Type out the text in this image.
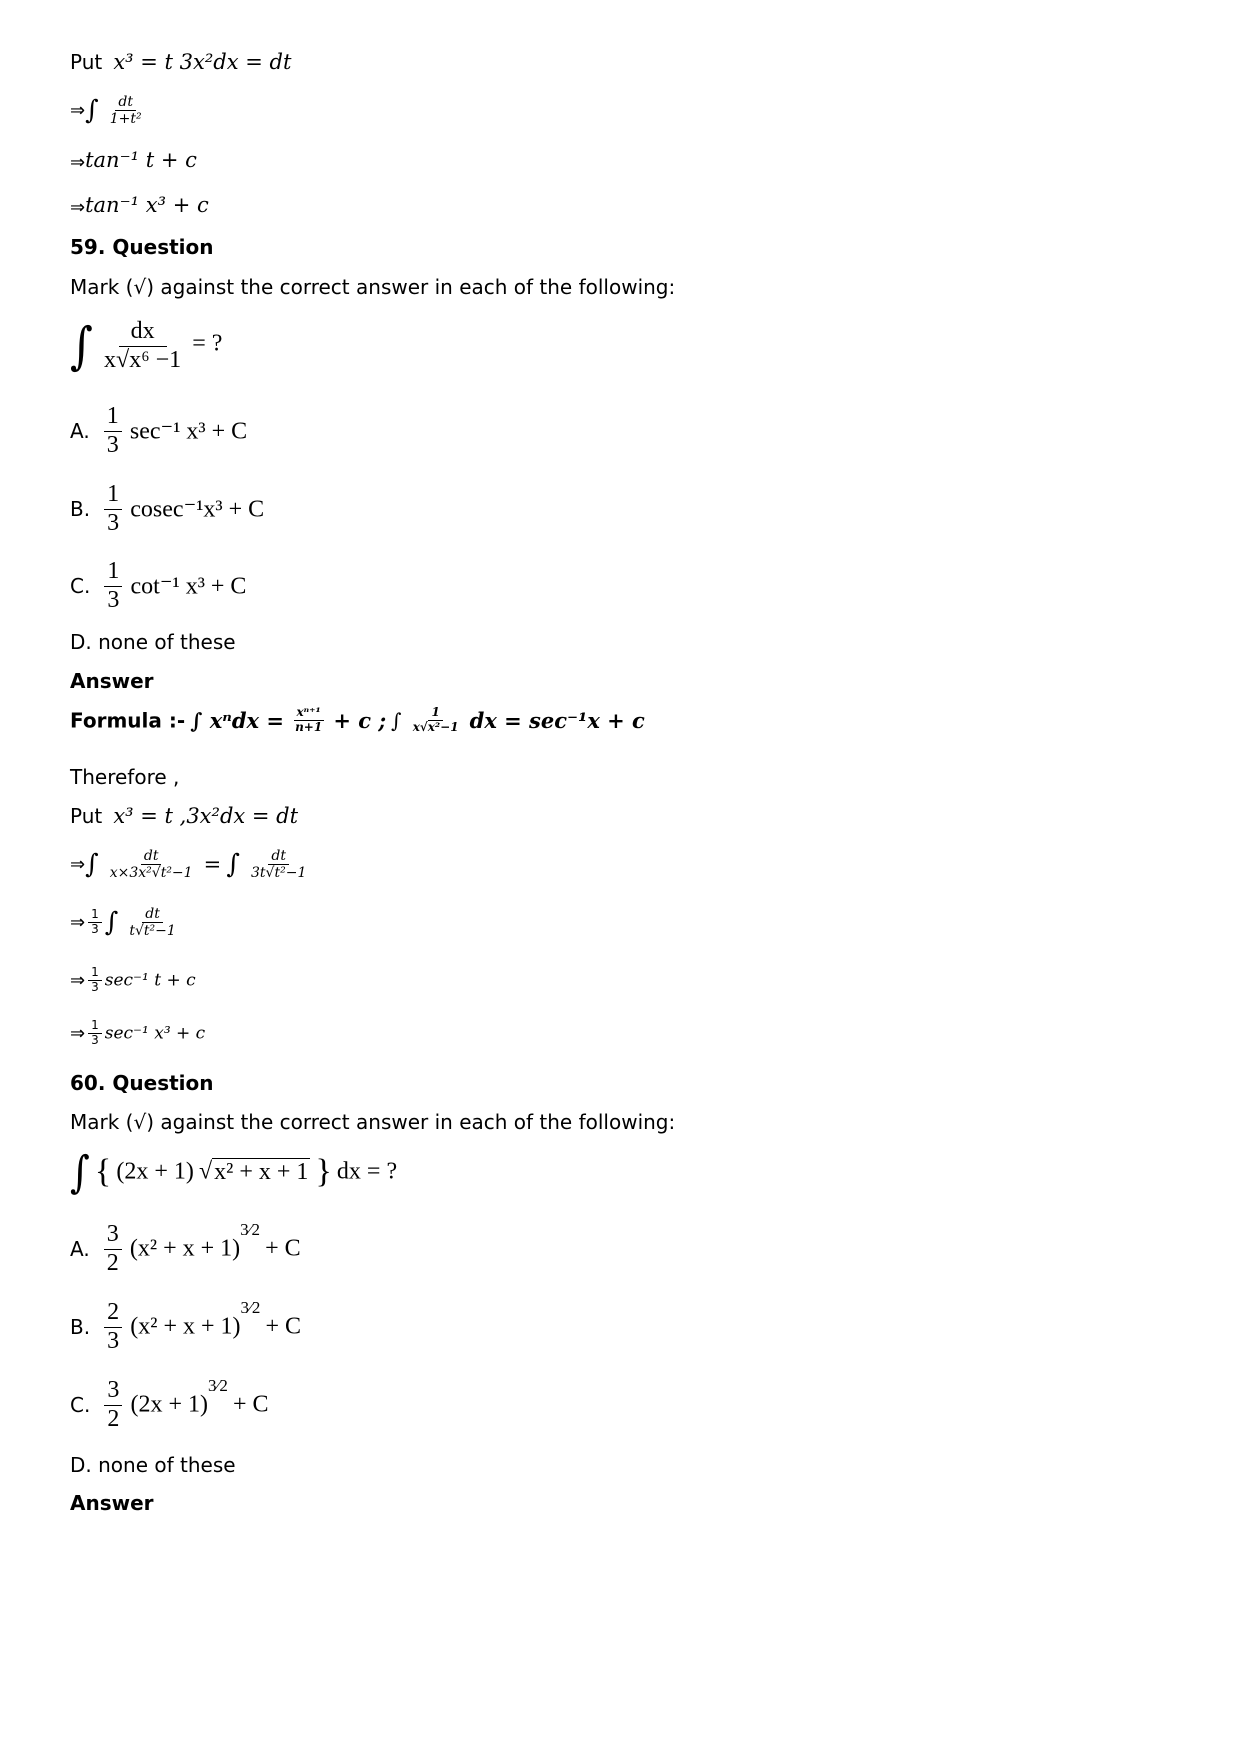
Put x³ = t 3x²dx = dt
⇒∫ $\frac{dt}{\text{1+t²}}$
⇒tan⁻¹ t + c
⇒tan⁻¹ x³ + c
59. Question
Mark (√) against the correct answer in each of the following:
∫ $\frac{dx}{\text{x√x⁶ −1}}$ = ?
A. $\frac{1}{3} \sec^{-1}$ x³ + C
B. $\frac{1}{3} cosec^{-1}x^3 + C$
C. $\frac{1}{3} \cot^{-1}$ x³ + C
D. none of these
Answer
Formula :- ∫ $x^ndx = \frac{\text{xⁿ⁺¹}}{n+1} + c$ ; ∫ $\frac{1}{\text{x√x²−1}}$ dx = sec⁻¹x + c
Therefore ,
Put x³ = t ,3x²dx = dt
⇒∫ $\frac{dt}{\text{x×3x²√t²−1}}$ = ∫ $\frac{dt}{\text{3t√t²−1}}$
⇒ $\frac{1}{3}$ ∫ $\frac{dt}{\text{t√t²−1}}$
⇒ $\frac{1}{3} \sec^{-1}$ t + c
⇒ $\frac{1}{3} \sec^{-1}$ x³ + c
60. Question
Mark (√) against the correct answer in each of the following:
∫ { (2x + 1) √x² + x + 1 } dx = ?
A. $\frac{3}{2} (x^2 + x$ + 1)3⁄2 + C
B. $\frac{2}{3} (x^2 + x$ + 1)3⁄2 + C
C. $\frac{3}{2} (2x$ + 1)3⁄2 + C
D. none of these
Answer
